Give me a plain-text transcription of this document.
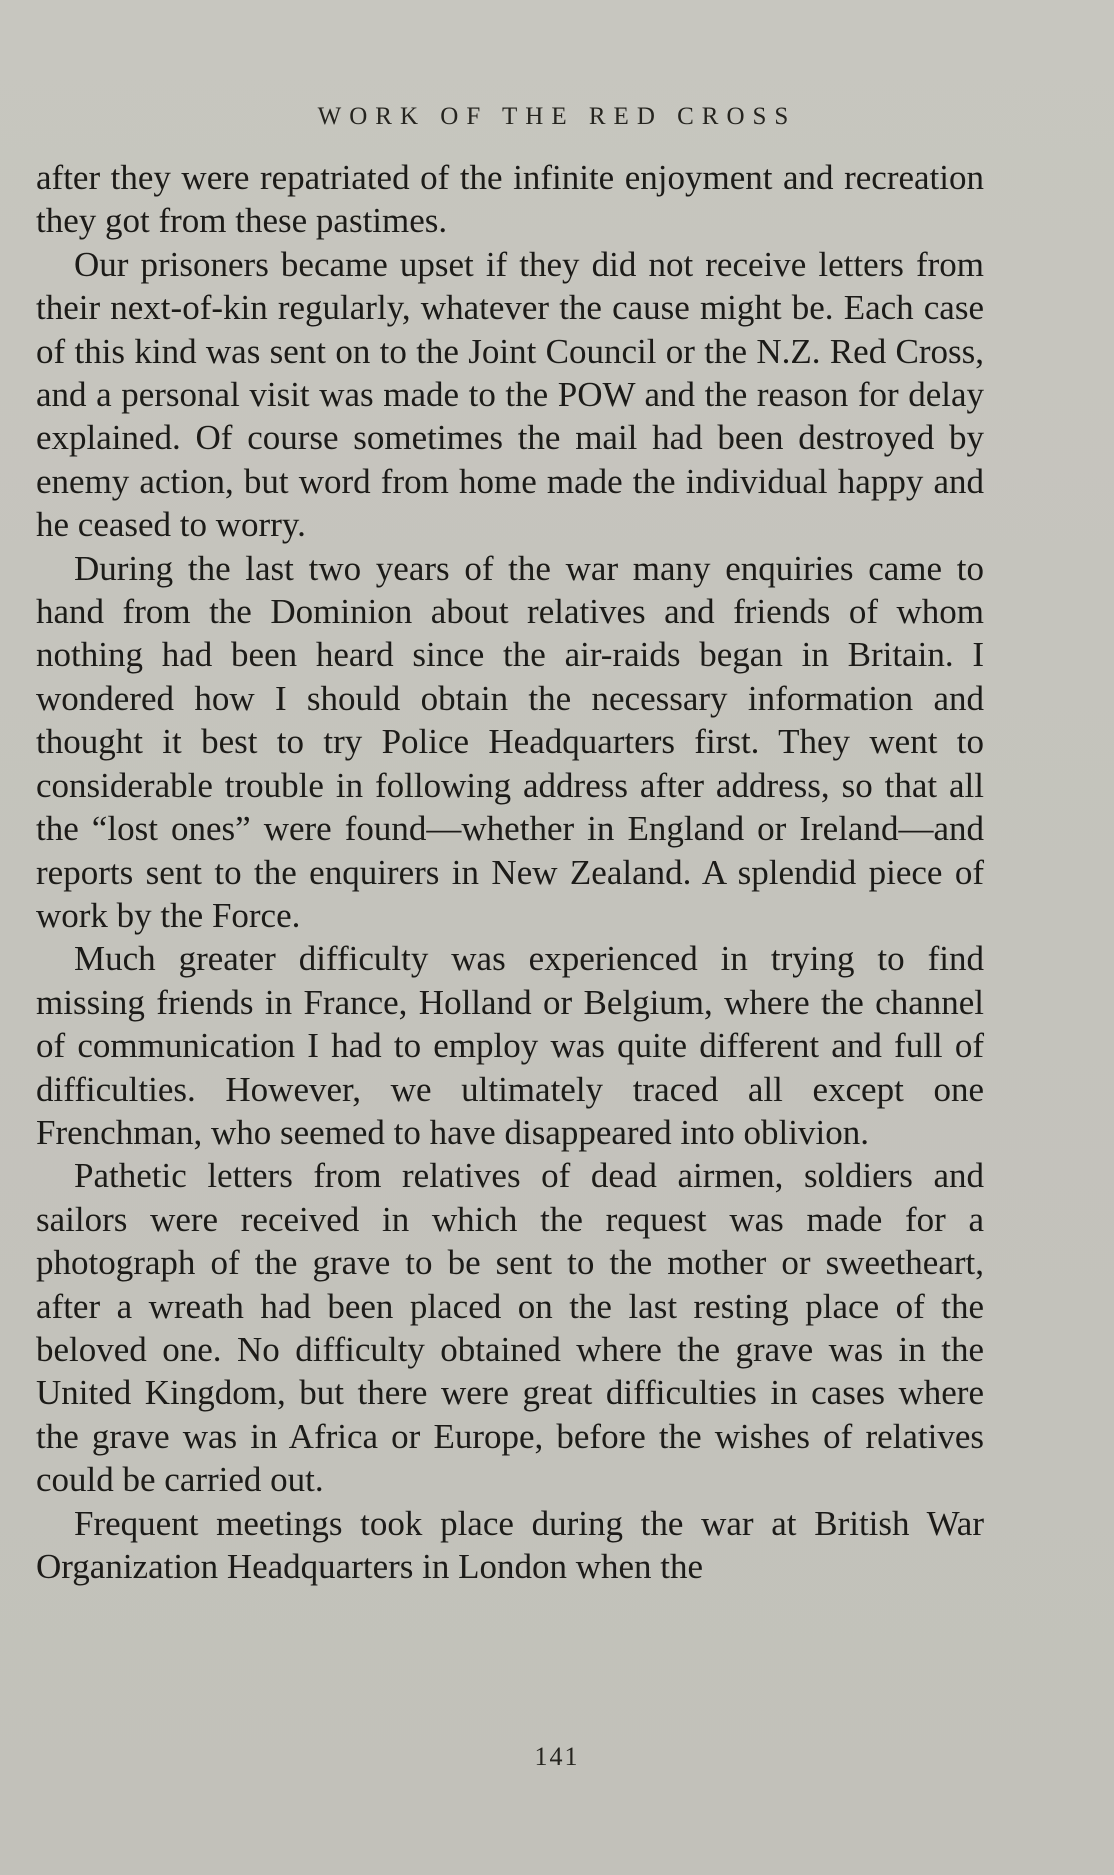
WORK OF THE RED CROSS

after they were repatriated of the infinite enjoyment and recreation they got from these pastimes.

Our prisoners became upset if they did not receive letters from their next-of-kin regularly, whatever the cause might be. Each case of this kind was sent on to the Joint Council or the N.Z. Red Cross, and a personal visit was made to the POW and the reason for delay explained. Of course sometimes the mail had been destroyed by enemy action, but word from home made the individual happy and he ceased to worry.

During the last two years of the war many enquiries came to hand from the Dominion about relatives and friends of whom nothing had been heard since the air-raids began in Britain. I wondered how I should obtain the necessary information and thought it best to try Police Headquarters first. They went to considerable trouble in following address after address, so that all the “lost ones” were found—whether in England or Ireland—and reports sent to the enquirers in New Zealand. A splendid piece of work by the Force.

Much greater difficulty was experienced in trying to find missing friends in France, Holland or Belgium, where the channel of communication I had to employ was quite different and full of difficulties. However, we ultimately traced all except one Frenchman, who seemed to have disappeared into oblivion.

Pathetic letters from relatives of dead airmen, soldiers and sailors were received in which the request was made for a photograph of the grave to be sent to the mother or sweetheart, after a wreath had been placed on the last resting place of the beloved one. No difficulty obtained where the grave was in the United Kingdom, but there were great difficulties in cases where the grave was in Africa or Europe, before the wishes of relatives could be carried out.

Frequent meetings took place during the war at British War Organization Headquarters in London when the

141
